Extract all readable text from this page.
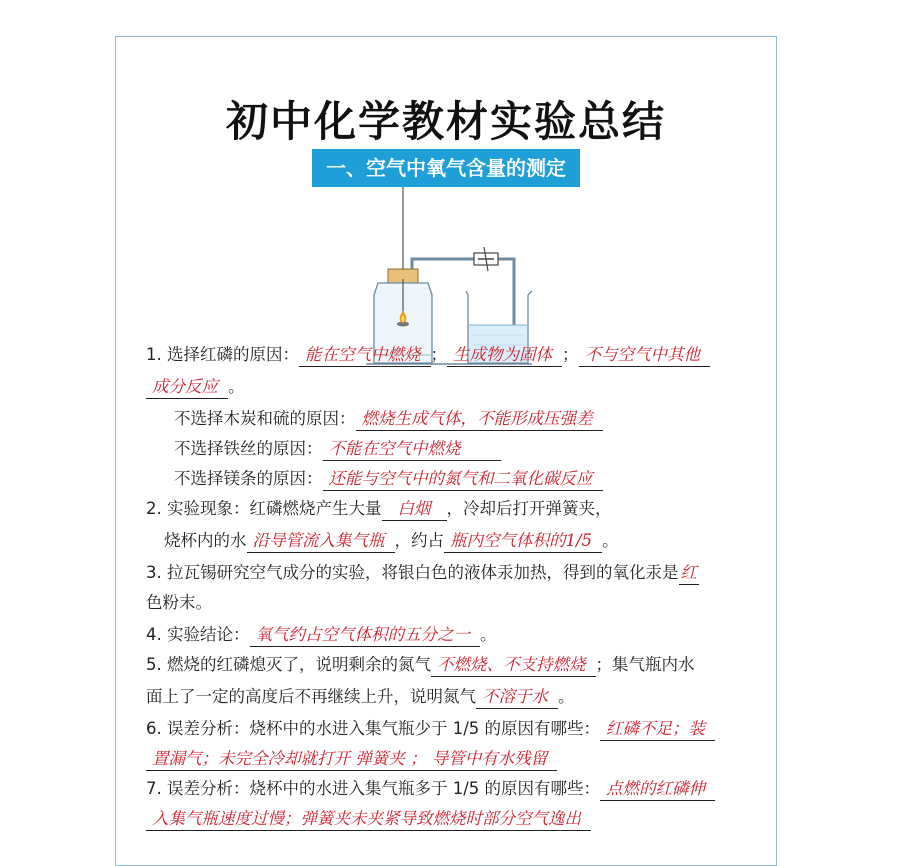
初中化学教材实验总结
一、空气中氧气含量的测定
1. 选择红磷的原因： 能在空气中燃烧 ； 生成物为固体 ； 不与空气中其他
成分反应 。
不选择木炭和硫的原因： 燃烧生成气体，不能形成压强差
不选择铁丝的原因： 不能在空气中燃烧
不选择镁条的原因： 还能与空气中的氮气和二氧化碳反应
2. 实验现象：红磷燃烧产生大量 白烟 ，冷却后打开弹簧夹，
烧杯内的水 沿导管流入集气瓶 ，约占 瓶内空气体积的1/5 。
3. 拉瓦锡研究空气成分的实验，将银白色的液体汞加热，得到的氧化汞是 红
色粉末。
4. 实验结论： 氧气约占空气体积的五分之一 。
5. 燃烧的红磷熄灭了，说明剩余的氮气 不燃烧、不支持燃烧 ；集气瓶内水
面上了一定的高度后不再继续上升，说明氮气 不溶于水 。
6. 误差分析：烧杯中的水进入集气瓶少于 1/5 的原因有哪些： 红磷不足；装
置漏气；未完全冷却就打开 弹簧夹 ； 导管中有水残留
7. 误差分析：烧杯中的水进入集气瓶多于 1/5 的原因有哪些： 点燃的红磷伸
入集气瓶速度过慢；弹簧夹未夹紧导致燃烧时部分空气逸出
